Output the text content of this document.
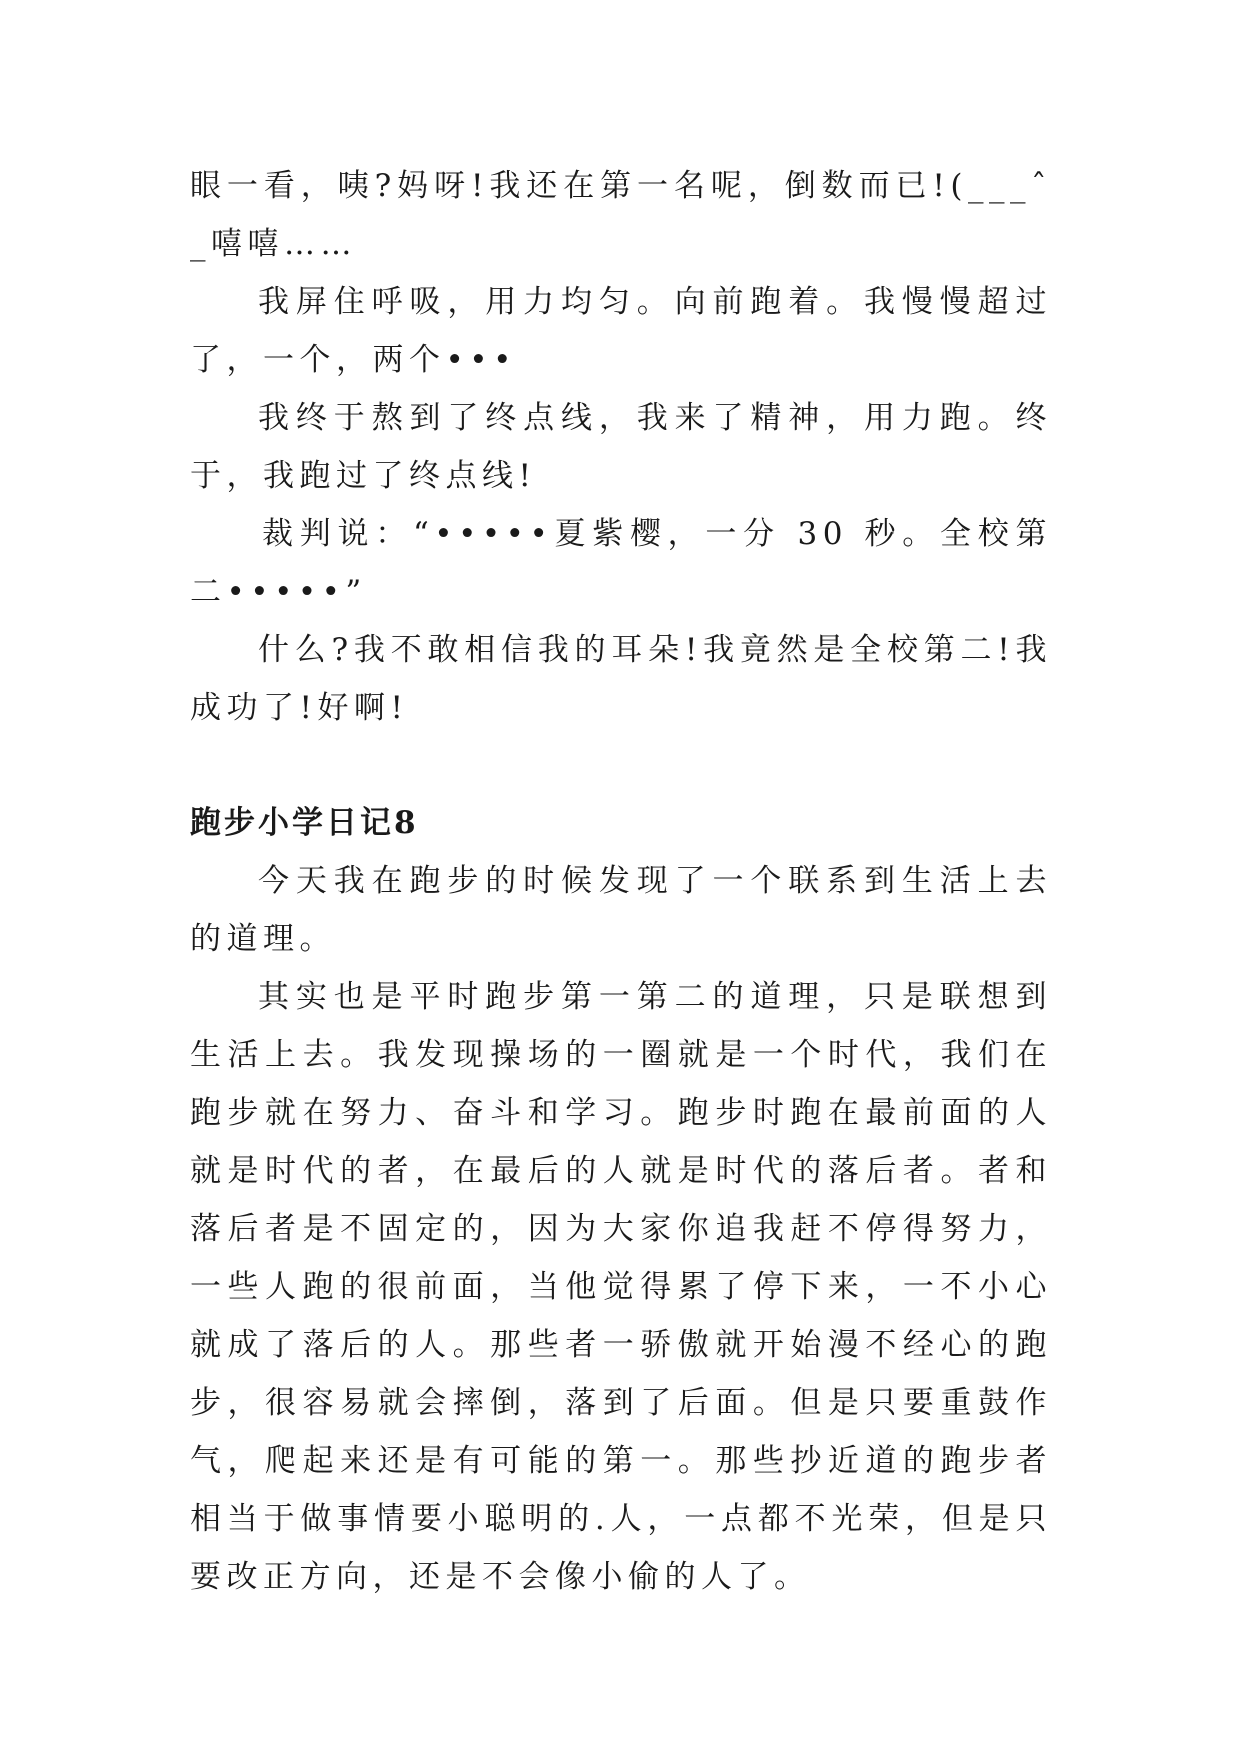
眼一看，咦?妈呀!我还在第一名呢，倒数而已!(___ˆ_嘻嘻……

我屏住呼吸，用力均匀。向前跑着。我慢慢超过了，一个，两个•••

我终于熬到了终点线，我来了精神，用力跑。终于，我跑过了终点线!

裁判说：“•••••夏紫樱，一分 30 秒。全校第二•••••”

什么?我不敢相信我的耳朵!我竟然是全校第二!我成功了!好啊!

跑步小学日记8

今天我在跑步的时候发现了一个联系到生活上去的道理。

其实也是平时跑步第一第二的道理，只是联想到生活上去。我发现操场的一圈就是一个时代，我们在跑步就在努力、奋斗和学习。跑步时跑在最前面的人就是时代的者，在最后的人就是时代的落后者。者和落后者是不固定的，因为大家你追我赶不停得努力，一些人跑的很前面，当他觉得累了停下来，一不小心就成了落后的人。那些者一骄傲就开始漫不经心的跑步，很容易就会摔倒，落到了后面。但是只要重鼓作气，爬起来还是有可能的第一。那些抄近道的跑步者相当于做事情要小聪明的.人，一点都不光荣，但是只要改正方向，还是不会像小偷的人了。
